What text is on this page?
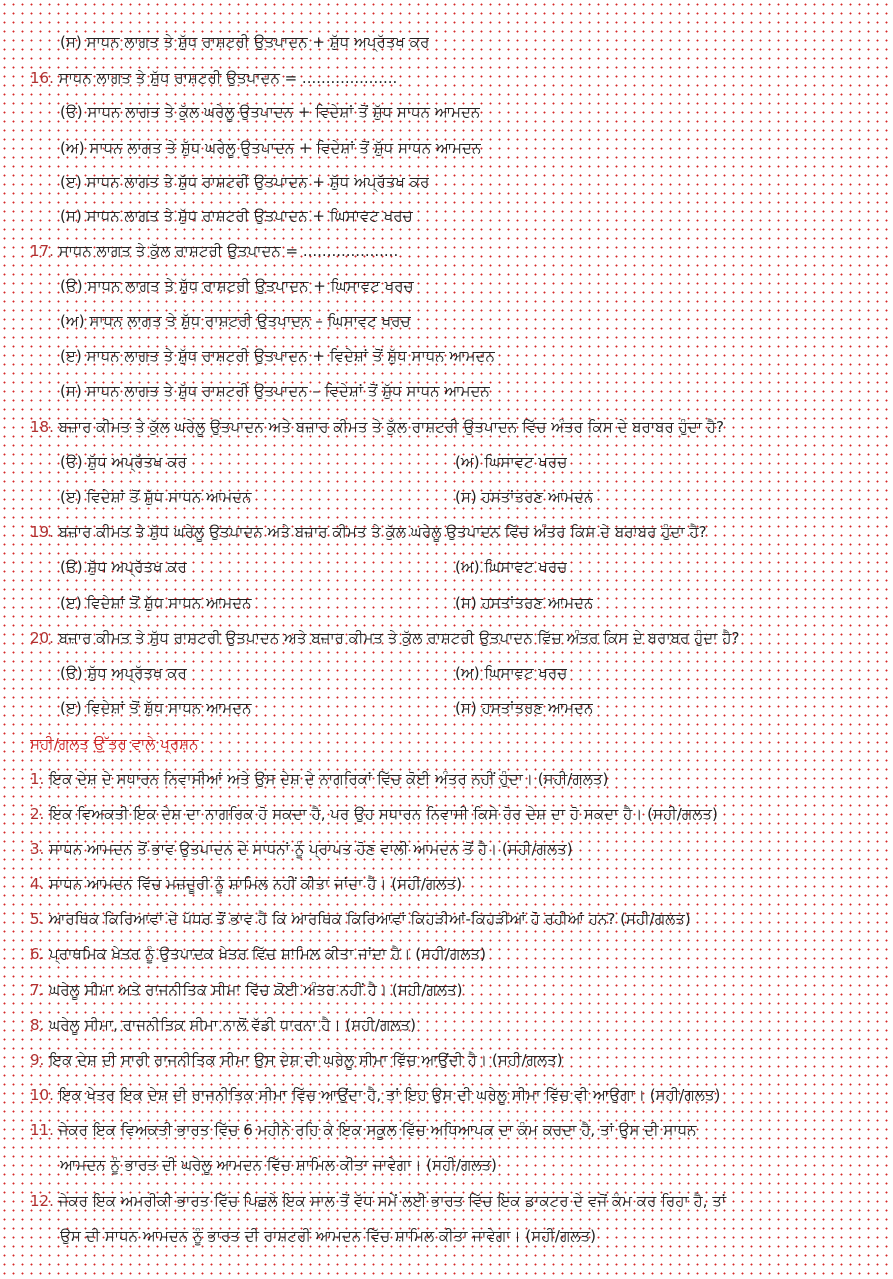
(ਸ) ਸਾਧਨ ਲਾਗਤ ਤੇ ਸ਼ੁੱਧ ਰਾਸ਼ਟਰੀ ਉਤਪਾਦਨ + ਸ਼ੁੱਧ ਅਪ੍ਰੱਤਖ ਕਰ
16. ਸਾਧਨ ਲਾਗਤ ਤੇ ਸ਼ੁੱਧ ਰਾਸ਼ਟਰੀ ਉਤਪਾਦਨ = ....................
(ੳ) ਸਾਧਨ ਲਾਗਤ ਤੇ ਕੁੱਲ ਘਰੇਲੂ ਉਤਪਾਦਨ + ਵਿਦੇਸ਼ਾਂ ਤੋਂ ਸ਼ੁੱਧ ਸਾਧਨ ਆਮਦਨ
(ਅ) ਸਾਧਨ ਲਾਗਤ ਤੇ ਸ਼ੁੱਧ ਘਰੇਲੂ ਉਤਪਾਦਨ + ਵਿਦੇਸ਼ਾਂ ਤੋਂ ਸ਼ੁੱਧ ਸਾਧਨ ਆਮਦਨ
(ੲ) ਸਾਧਨ ਲਾਗਤ ਤੇ ਸ਼ੁੱਧ ਰਾਸ਼ਟਰੀ ਉਤਪਾਦਨ + ਸ਼ੁੱਧ ਅਪ੍ਰੱਤਖ ਕਰ
(ਸ) ਸਾਧਨ ਲਾਗਤ ਤੇ ਸ਼ੁੱਧ ਰਾਸ਼ਟਰੀ ਉਤਪਾਦਨ + ਘਿਸਾਵਟ ਖਰਚ
17. ਸਾਧਨ ਲਾਗਤ ਤੇ ਕੁੱਲ ਰਾਸ਼ਟਰੀ ਉਤਪਾਦਨ = ....................
(ੳ) ਸਾਧਨ ਲਾਗਤ ਤੇ ਸ਼ੁੱਧ ਰਾਸ਼ਟਰੀ ਉਤਪਾਦਨ + ਘਿਸਾਵਟ ਖਰਚ
(ਅ) ਸਾਧਨ ਲਾਗਤ ਤੇ ਸ਼ੁੱਧ ਰਾਸ਼ਟਰੀ ਉਤਪਾਦਨ – ਘਿਸਾਵਟ ਖਰਚ
(ੲ) ਸਾਧਨ ਲਾਗਤ ਤੇ ਸ਼ੁੱਧ ਰਾਸ਼ਟਰੀ ਉਤਪਾਦਨ + ਵਿਦੇਸ਼ਾਂ ਤੋਂ ਸ਼ੁੱਧ ਸਾਧਨ ਆਮਦਨ
(ਸ) ਸਾਧਨ ਲਾਗਤ ਤੇ ਸ਼ੁੱਧ ਰਾਸ਼ਟਰੀ ਉਤਪਾਦਨ – ਵਿਦੇਸ਼ਾਂ ਤੋਂ ਸ਼ੁੱਧ ਸਾਧਨ ਆਮਦਨ
18. ਬਜ਼ਾਰ ਕੀਮਤ ਤੇ ਕੁੱਲ ਘਰੇਲੂ ਉਤਪਾਦਨ ਅਤੇ ਬਜ਼ਾਰ ਕੀਮਤ ਤੇ ਕੁੱਲ ਰਾਸ਼ਟਰੀ ਉਤਪਾਦਨ ਵਿੱਚ ਅੰਤਰ ਕਿਸ ਦੇ ਬਰਾਬਰ ਹੁੰਦਾ ਹੈ?
(ੳ) ਸ਼ੁੱਧ ਅਪ੍ਰੱਤਖ ਕਰ	(ਅ) ਘਿਸਾਵਟ ਖਰਚ
(ੲ) ਵਿਦੇਸ਼ਾਂ ਤੋਂ ਸ਼ੁੱਧ ਸਾਧਨ ਆਮਦਨ	(ਸ) ਹਸਤਾਂਤਰਣ ਆਮਦਨ
19. ਬਜ਼ਾਰ ਕੀਮਤ ਤੇ ਸ਼ੁੱਧ ਘਰੇਲੂ ਉਤਪਾਦਨ ਅਤੇ ਬਜ਼ਾਰ ਕੀਮਤ ਤੇ ਕੁੱਲ ਘਰੇਲੂ ਉਤਪਾਦਨ ਵਿੱਚ ਅੰਤਰ ਕਿਸ ਦੇ ਬਰਾਬਰ ਹੁੰਦਾ ਹੈ?
(ੳ) ਸ਼ੁੱਧ ਅਪ੍ਰੱਤਖ ਕਰ	(ਅ) ਘਿਸਾਵਟ ਖਰਚ
(ੲ) ਵਿਦੇਸ਼ਾਂ ਤੋਂ ਸ਼ੁੱਧ ਸਾਧਨ ਆਮਦਨ	(ਸ) ਹਸਤਾਂਤਰਣ ਆਮਦਨ
20. ਬਜ਼ਾਰ ਕੀਮਤ ਤੇ ਸ਼ੁੱਧ ਰਾਸ਼ਟਰੀ ਉਤਪਾਦਨ ਅਤੇ ਬਜ਼ਾਰ ਕੀਮਤ ਤੇ ਕੁੱਲ ਰਾਸ਼ਟਰੀ ਉਤਪਾਦਨ ਵਿੱਚ ਅੰਤਰ ਕਿਸ ਦੇ ਬਰਾਬਰ ਹੁੰਦਾ ਹੈ?
(ੳ) ਸ਼ੁੱਧ ਅਪ੍ਰੱਤਖ ਕਰ	(ਅ) ਘਿਸਾਵਟ ਖਰਚ
(ੲ) ਵਿਦੇਸ਼ਾਂ ਤੋਂ ਸ਼ੁੱਧ ਸਾਧਨ ਆਮਦਨ	(ਸ) ਹਸਤਾਂਤਰਣ ਆਮਦਨ
ਸਹੀ/ਗਲਤ ਉੱਤਰ ਵਾਲੇ ਪ੍ਰਸ਼ਨ
1. ਇਕ ਦੇਸ਼ ਦੇ ਸਧਾਰਨ ਨਿਵਾਸੀਆਂ ਅਤੇ ਉਸ ਦੇਸ਼ ਦੇ ਨਾਗਰਿਕਾਂ ਵਿੱਚ ਕੋਈ ਅੰਤਰ ਨਹੀਂ ਹੁੰਦਾ। (ਸਹੀ/ਗਲਤ)
2. ਇਕ ਵਿਅਕਤੀ ਇਕ ਦੇਸ਼ ਦਾ ਨਾਗਰਿਕ ਹੋ ਸਕਦਾ ਹੈ, ਪਰ ਉਹ ਸਧਾਰਨ ਨਿਵਾਸੀ ਕਿਸੇ ਹੋਰ ਦੇਸ਼ ਦਾ ਹੋ ਸਕਦਾ ਹੈ। (ਸਹੀ/ਗਲਤ)
3. ਸਾਧਨ ਆਮਦਨ ਤੋਂ ਭਾਵ ਉਤਪਾਦਨ ਦੇ ਸਾਧਨਾਂ ਨੂੰ ਪ੍ਰਾਪਤ ਹੋਣ ਵਾਲੀ ਆਮਦਨ ਤੋਂ ਹੈ। (ਸਹੀ/ਗਲਤ)
4. ਸਾਧਨ ਆਮਦਨ ਵਿੱਚ ਮਜ਼ਦੂਰੀ ਨੂੰ ਸ਼ਾਮਿਲ ਨਹੀਂ ਕੀਤਾ ਜਾਂਦਾ ਹੈ। (ਸਹੀ/ਗਲਤ)
5. ਆਰਥਿਕ ਕਿਰਿਆਵਾਂ ਦੇ ਪੱਧਰ ਤੋਂ ਭਾਵ ਹੈ ਕਿ ਆਰਥਿਕ ਕਿਰਿਆਵਾਂ ਕਿਹੜੀਆਂ-ਕਿਹੜੀਆਂ ਹੋ ਰਹੀਆਂ ਹਨ? (ਸਹੀ/ਗਲਤ)
6. ਪ੍ਰਾਥਮਿਕ ਖੇਤਰ ਨੂੰ ਉਤਪਾਦਕ ਖੇਤਰ ਵਿੱਚ ਸ਼ਾਮਿਲ ਕੀਤਾ ਜਾਂਦਾ ਹੈ। (ਸਹੀ/ਗਲਤ)
7. ਘਰੇਲੂ ਸੀਮਾ ਅਤੇ ਰਾਜਨੀਤਿਕ ਸੀਮਾ ਵਿੱਚ ਕੋਈ ਅੰਤਰ ਨਹੀਂ ਹੈ। (ਸਹੀ/ਗਲਤ)
8. ਘਰੇਲੂ ਸੀਮਾ, ਰਾਜਨੀਤਿਕ ਸੀਮਾ ਨਾਲੋਂ ਵੱਡੀ ਧਾਰਨਾ ਹੈ। (ਸਹੀ/ਗਲਤ)
9. ਇਕ ਦੇਸ਼ ਦੀ ਸਾਰੀ ਰਾਜਨੀਤਿਕ ਸੀਮਾ ਉਸ ਦੇਸ਼ ਦੀ ਘਰੇਲੂ ਸੀਮਾ ਵਿੱਚ ਆਉਂਦੀ ਹੈ। (ਸਹੀ/ਗਲਤ)
10. ਇਕ ਖੇਤਰ ਇਕ ਦੇਸ਼ ਦੀ ਰਾਜਨੀਤਿਕ ਸੀਮਾ ਵਿੱਚ ਆਉਂਦਾ ਹੈ, ਤਾਂ ਇਹ ਉਸ ਦੀ ਘਰੇਲੂ ਸੀਮਾ ਵਿੱਚ ਵੀ ਆਉਗਾ। (ਸਹੀ/ਗਲਤ)
11. ਜੇਕਰ ਇਕ ਵਿਅਕਤੀ ਭਾਰਤ ਵਿੱਚ 6 ਮਹੀਨੇ ਰਹਿ ਕੇ ਇਕ ਸਕੂਲ ਵਿੱਚ ਅਧਿਆਪਕ ਦਾ ਕੰਮ ਕਰਦਾ ਹੈ, ਤਾਂ ਉਸ ਦੀ ਸਾਧਨ
ਆਮਦਨ ਨੂੰ ਭਾਰਤ ਦੀ ਘਰੇਲੂ ਆਮਦਨ ਵਿੱਚ ਸ਼ਾਮਿਲ ਕੀਤਾ ਜਾਵੇਗਾ। (ਸਹੀ/ਗਲਤ)
12. ਜੇਕਰ ਇਕ ਅਮਰੀਕੀ ਭਾਰਤ ਵਿੱਚ ਪਿਛਲੇ ਇਕ ਸਾਲ ਤੋਂ ਵੱਧ ਸਮੇਂ ਲਈ ਭਾਰਤ ਵਿੱਚ ਇਕ ਡਾਕਟਰ ਦੇ ਵਜੋਂ ਕੰਮ ਕਰ ਰਿਹਾ ਹੈ, ਤਾਂ
ਉਸ ਦੀ ਸਾਧਨ ਆਮਦਨ ਨੂੰ ਭਾਰਤ ਦੀ ਰਾਸ਼ਟਰੀ ਆਮਦਨ ਵਿੱਚ ਸ਼ਾਮਿਲ ਕੀਤਾ ਜਾਵੇਗਾ। (ਸਹੀ/ਗਲਤ)
